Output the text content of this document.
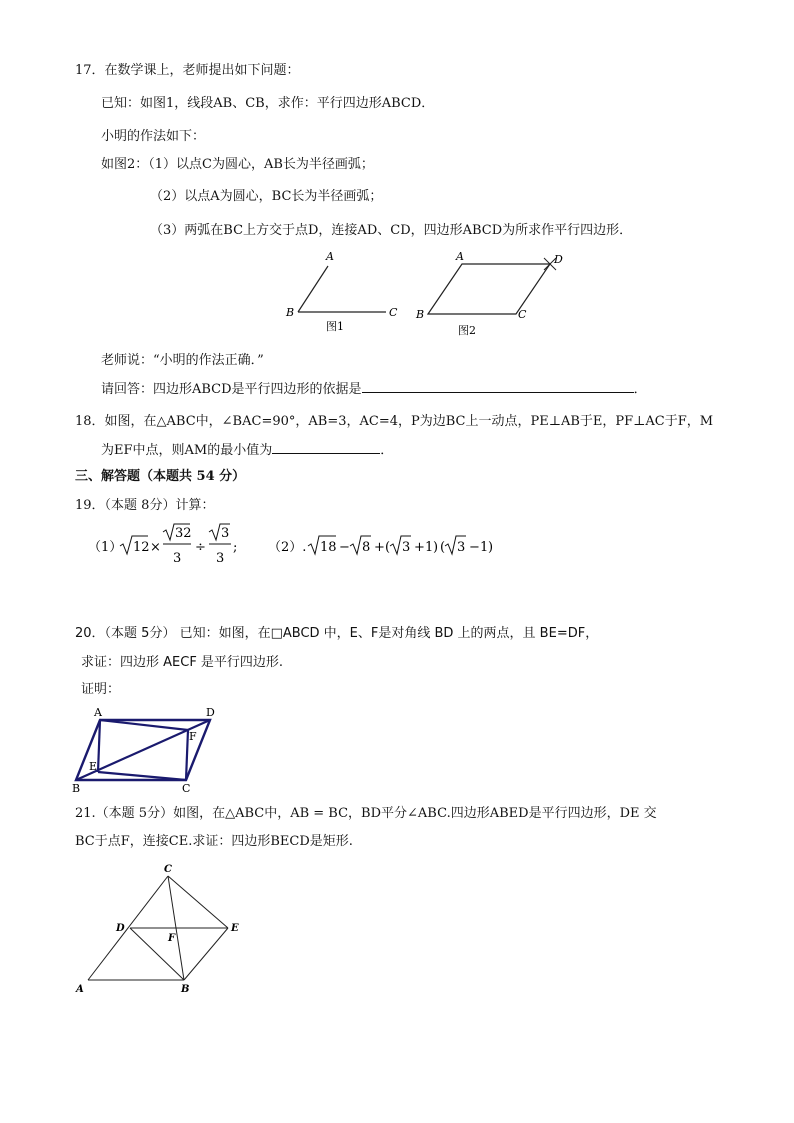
17．在数学课上，老师提出如下问题：
已知：如图1，线段AB、CB，求作：平行四边形ABCD．
小明的作法如下：
如图2：（1）以点C为圆心，AB长为半径画弧；
（2）以点A为圆心，BC长为半径画弧；
（3）两弧在BC上方交于点D，连接AD、CD，四边形ABCD为所求作平行四边形．
A
B	C
图1
A
B	C
D
图2
老师说：“小明的作法正确．”
请回答：四边形ABCD是平行四边形的依据是	．
18．如图，在△ABC中，∠BAC=90°，AB=3，AC=4，P为边BC上一动点，PE⊥AB于E，PF⊥AC于F，M
为EF中点，则AM的最小值为	．
三、解答题（本题共 54 分）
19．（本题 8分）计算：
（1） 12 ×
32
3
÷
3
3
; （2）. 18 − 8 + ( 3 + 1 ) ( 3 − 1 )
20．（本题 5分） 已知：如图，在□ABCD 中，E、F是对角线 BD 上的两点，且 BE=DF，
求证：四边形 AECF 是平行四边形.
证明：
A	D
B	C
E
F
21.（本题 5分）如图，在△ABC中，AB = BC，BD平分∠ABC.四边形ABED是平行四边形，DE 交
BC于点F，连接CE.求证：四边形BECD是矩形.
C
D	E
F
A	B
